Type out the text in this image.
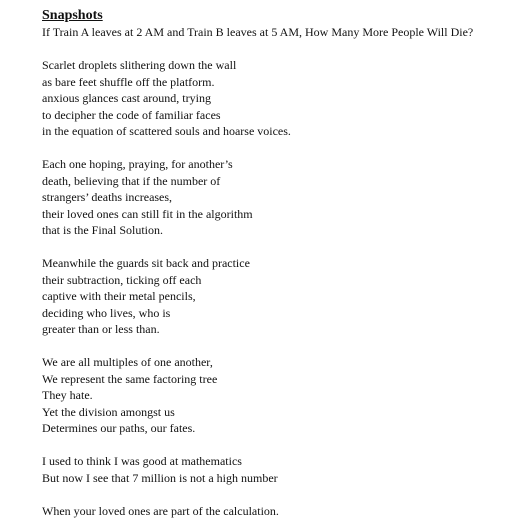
Snapshots
If Train A leaves at 2 AM and Train B leaves at 5 AM, How Many More People Will Die?
Scarlet droplets slithering down the wall
as bare feet shuffle off the platform.
anxious glances cast around, trying
to decipher the code of familiar faces
in the equation of scattered souls and hoarse voices.
Each one hoping, praying, for another’s
death, believing that if the number of
strangers’ deaths increases,
their loved ones can still fit in the algorithm
that is the Final Solution.
Meanwhile the guards sit back and practice
their subtraction, ticking off each
captive with their metal pencils,
deciding who lives, who is
greater than or less than.
We are all multiples of one another,
We represent the same factoring tree
They hate.
Yet the division amongst us
Determines our paths, our fates.
I used to think I was good at mathematics
But now I see that 7 million is not a high number
When your loved ones are part of the calculation.
